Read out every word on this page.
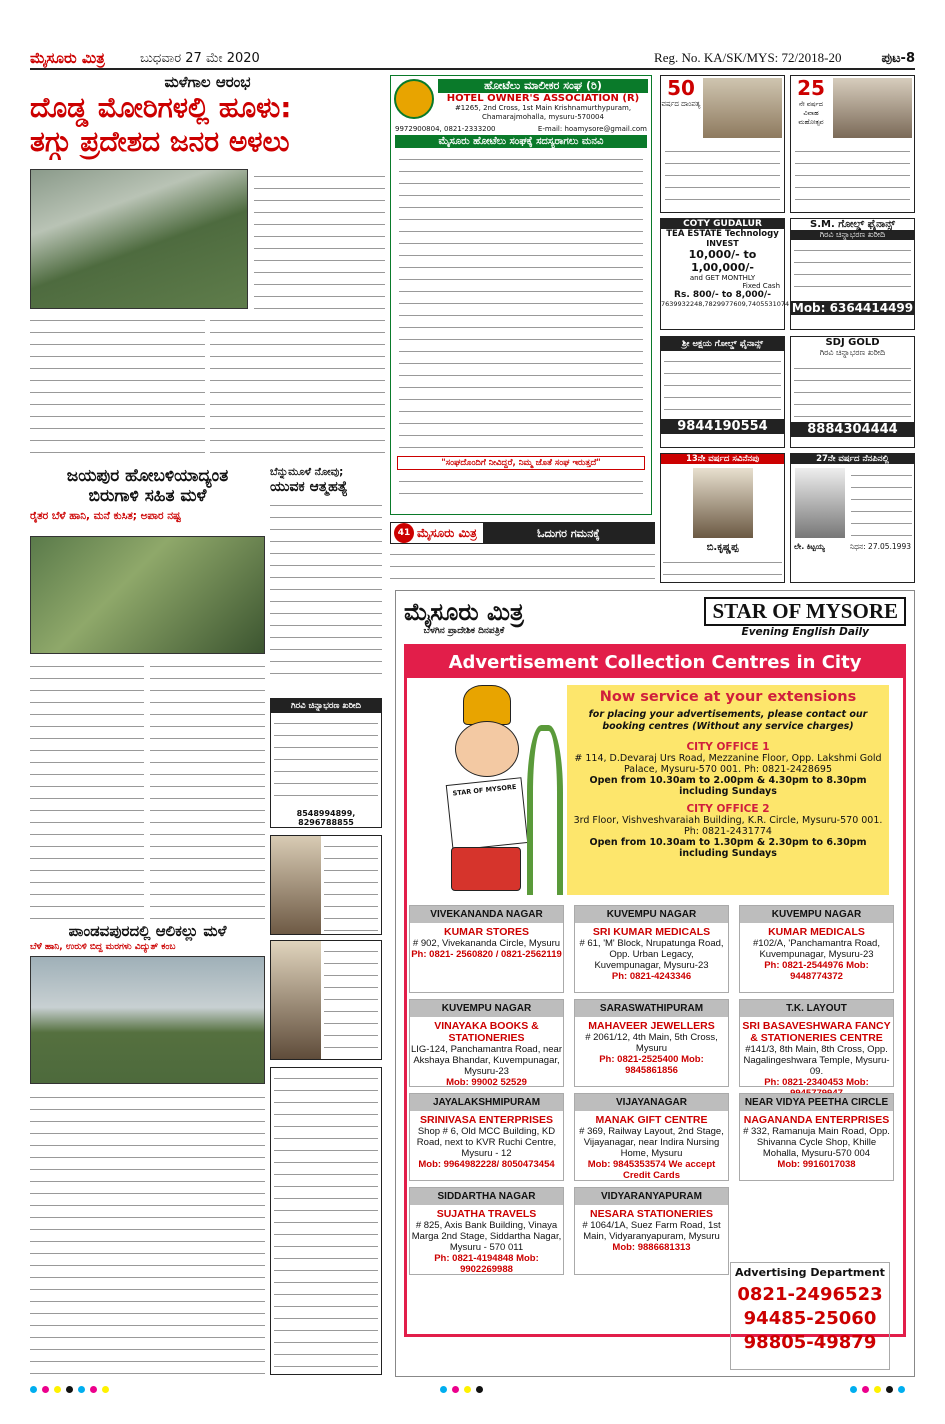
ಮೈಸೂರು ಮಿತ್ರ	ಬುಧವಾರ 27 ಮೇ 2020	Reg. No. KA/SK/MYS: 72/2018-20	ಪುಟ-8
ಮಳೆಗಾಲ ಆರಂಭ
ದೊಡ್ಡ ಮೋರಿಗಳಲ್ಲಿ ಹೂಳು:
ತಗ್ಗು ಪ್ರದೇಶದ ಜನರ ಅಳಲು
ಹೋಟೆಲು ಮಾಲೀಕರ ಸಂಘ (ರಿ)
HOTEL OWNER'S ASSOCIATION (R)
#1265, 2nd Cross, 1st Main Krishnamurthypuram, Chamarajmohalla, mysuru-570004
9972900804, 0821-2333200	E-mail: hoamysore@gmail.com
ಮೈಸೂರು ಹೋಟೆಲು ಸಂಘಕ್ಕೆ ಸದಸ್ಯರಾಗಲು ಮನವಿ
"ಸಂಘದೊಂದಿಗೆ ನೀವಿದ್ದರೆ, ನಿಮ್ಮ ಜೊತೆ ಸಂಘ ಇರುತ್ತದೆ"
50
ವರ್ಷದ ದಾಂಪತ್ಯ
25
ನೇ ವರ್ಷದ ವಿವಾಹ ಮಹೋತ್ಸವ
COTY GUDALUR
TEA ESTATE Technology
INVEST
10,000/- to 1,00,000/-
and GET MONTHLY
Fixed Cash
Rs. 800/- to 8,000/-
7639932248,7829977609,7405531074
S.M. ಗೋಲ್ಡ್ ಫೈನಾನ್ಸ್
ಗಿರವಿ ಚಿನ್ನಾಭರಣ ಖರೀದಿ
Mob: 6364414499
ಶ್ರೀ ಅಕ್ಷಯ ಗೋಲ್ಡ್ ಫೈನಾನ್ಸ್
9844190554
SDJ GOLD
ಗಿರವಿ ಚಿನ್ನಾಭರಣ ಖರೀದಿ
8884304444
13ನೇ ವರ್ಷದ ಸವಿನೆನಪು
ಬಿ.ಕೃಷ್ಣಪ್ಪ
27ನೇ ವರ್ಷದ ನೆನಪಿನಲ್ಲಿ
ಲೇ. ಕಿಟ್ಟಯ್ಯ	ನಿಧನ: 27.05.1993
41 ಮೈಸೂರು ಮಿತ್ರ	ಓದುಗರ ಗಮನಕ್ಕೆ
ಜಯಪುರ ಹೋಬಳಿಯಾದ್ಯಂತ
ಬಿರುಗಾಳಿ ಸಹಿತ ಮಳೆ
ರೈತರ ಬೆಳೆ ಹಾನಿ, ಮನೆ ಕುಸಿತ; ಅಪಾರ ನಷ್ಟ
ಬೆನ್ನುಮೂಳೆ ನೋವು;
ಯುವಕ ಆತ್ಮಹತ್ಯೆ
ಗಿರವಿ ಚಿನ್ನಾಭರಣ ಖರೀದಿ
8548994899, 8296788855
ಪಾಂಡವಪುರದಲ್ಲಿ ಆಲಿಕಲ್ಲು ಮಳೆ
ಬೆಳೆ ಹಾನಿ, ಉರುಳಿ ಬಿದ್ದ ಮರಗಳು ವಿದ್ಯುತ್ ಕಂಬ
ಮೈಸೂರು ಮಿತ್ರ
ಬೆಳಗಿನ ಪ್ರಾದೇಶಿಕ ದಿನಪತ್ರಿಕೆ
STAR OF MYSORE
Evening English Daily
Advertisement Collection Centres in City
STAR OF MYSORE
Now service at your extensions
for placing your advertisements, please contact our booking centres (Without any service charges)
CITY OFFICE 1
# 114, D.Devaraj Urs Road, Mezzanine Floor, Opp. Lakshmi Gold Palace, Mysuru-570 001. Ph: 0821-2428695
Open from 10.30am to 2.00pm & 4.30pm to 8.30pm including Sundays
CITY OFFICE 2
3rd Floor, Vishveshvaraiah Building, K.R. Circle, Mysuru-570 001. Ph: 0821-2431774
Open from 10.30am to 1.30pm & 2.30pm to 6.30pm including Sundays
VIVEKANANDA NAGAR
KUMAR STORES
# 902, Vivekananda Circle, Mysuru
Ph: 0821- 2560820 / 0821-2562119
KUVEMPU NAGAR
SRI KUMAR MEDICALS
# 61, 'M' Block, Nrupatunga Road, Opp. Urban Legacy, Kuvempunagar, Mysuru-23
Ph: 0821-4243346
KUVEMPU NAGAR
KUMAR MEDICALS
#102/A, 'Panchamantra Road, Kuvempunagar, Mysuru-23
Ph: 0821-2544976 Mob: 9448774372
KUVEMPU NAGAR
VINAYAKA BOOKS & STATIONERIES
LIG-124, Panchamantra Road, near Akshaya Bhandar, Kuvempunagar, Mysuru-23
Mob: 99002 52529
SARASWATHIPURAM
MAHAVEER JEWELLERS
# 2061/12, 4th Main, 5th Cross, Mysuru
Ph: 0821-2525400 Mob: 9845861856
T.K. LAYOUT
SRI BASAVESHWARA FANCY & STATIONERIES CENTRE
#141/3, 8th Main, 8th Cross, Opp. Nagalingeshwara Temple, Mysuru-09.
Ph: 0821-2340453 Mob:
JAYALAKSHMIPURAM
SRINIVASA ENTERPRISES
Shop # 6, Old MCC Building, KD Road, next to KVR Ruchi Centre, Mysuru - 12
Mob: 9964982228/ 8050473454
VIJAYANAGAR
MANAK GIFT CENTRE
# 369, Railway Layout, 2nd Stage, Vijayanagar, near Indira Nursing Home, Mysuru
Mob: 9845353574 We accept Credit Cards
NEAR VIDYA PEETHA CIRCLE
NAGANANDA ENTERPRISES
# 332, Ramanuja Main Road, Opp. Shivanna Cycle Shop, Khille Mohalla, Mysuru-570 004
Mob: 9916017038
SIDDARTHA NAGAR
SUJATHA TRAVELS
# 825, Axis Bank Building, Vinaya Marga 2nd Stage, Siddartha Nagar, Mysuru - 570 011
Ph: 0821-4194848 Mob: 9902269988
VIDYARANYAPURAM
NESARA STATIONERIES
# 1064/1A, Suez Farm Road, 1st Main, Vidyaranyapuram, Mysuru
Mob: 9886681313
Advertising Department
0821-2496523
94485-25060
98805-49879
